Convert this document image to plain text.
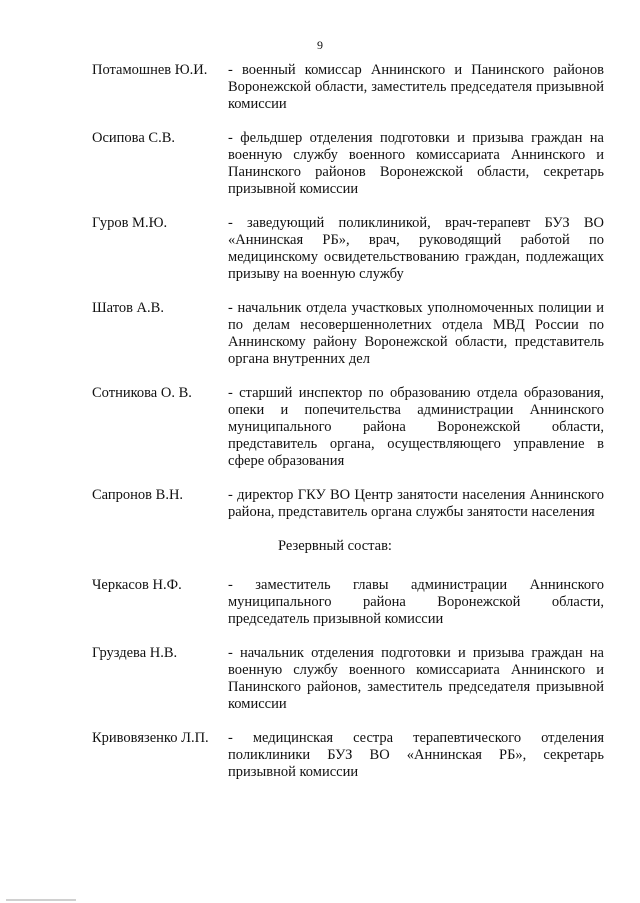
9
Потамошнев Ю.И. - военный комиссар Аннинского и Панинского районов Воронежской области, заместитель председателя призывной комиссии
Осипова С.В.	- фельдшер отделения подготовки и призыва граждан на военную службу военного комиссариата Аннинского и Панинского районов Воронежской области, секретарь призывной комиссии
Гуров М.Ю.	- заведующий поликлиникой, врач-терапевт БУЗ ВО «Аннинская РБ», врач, руководящий работой по медицинскому освидетельствованию граждан, подлежащих призыву на военную службу
Шатов А.В.	- начальник отдела участковых уполномоченных полиции и по делам несовершеннолетних отдела МВД России по Аннинскому району Воронежской области, представитель органа внутренних дел
Сотникова О. В. - старший инспектор по образованию отдела образования, опеки и попечительства администрации Аннинского муниципального района Воронежской области, представитель органа, осуществляющего управление в сфере образования
Сапронов В.Н.	- директор ГКУ ВО Центр занятости населения Аннинского района, представитель органа службы занятости населения
Резервный состав:
Черкасов Н.Ф.	- заместитель главы администрации Аннинского муниципального района Воронежской области, председатель призывной комиссии
Груздева Н.В.	- начальник отделения подготовки и призыва граждан на военную службу военного комиссариата Аннинского и Панинского районов, заместитель председателя призывной комиссии
Кривовязенко Л.П. - медицинская сестра терапевтического отделения поликлиники БУЗ ВО «Аннинская РБ», секретарь призывной комиссии
